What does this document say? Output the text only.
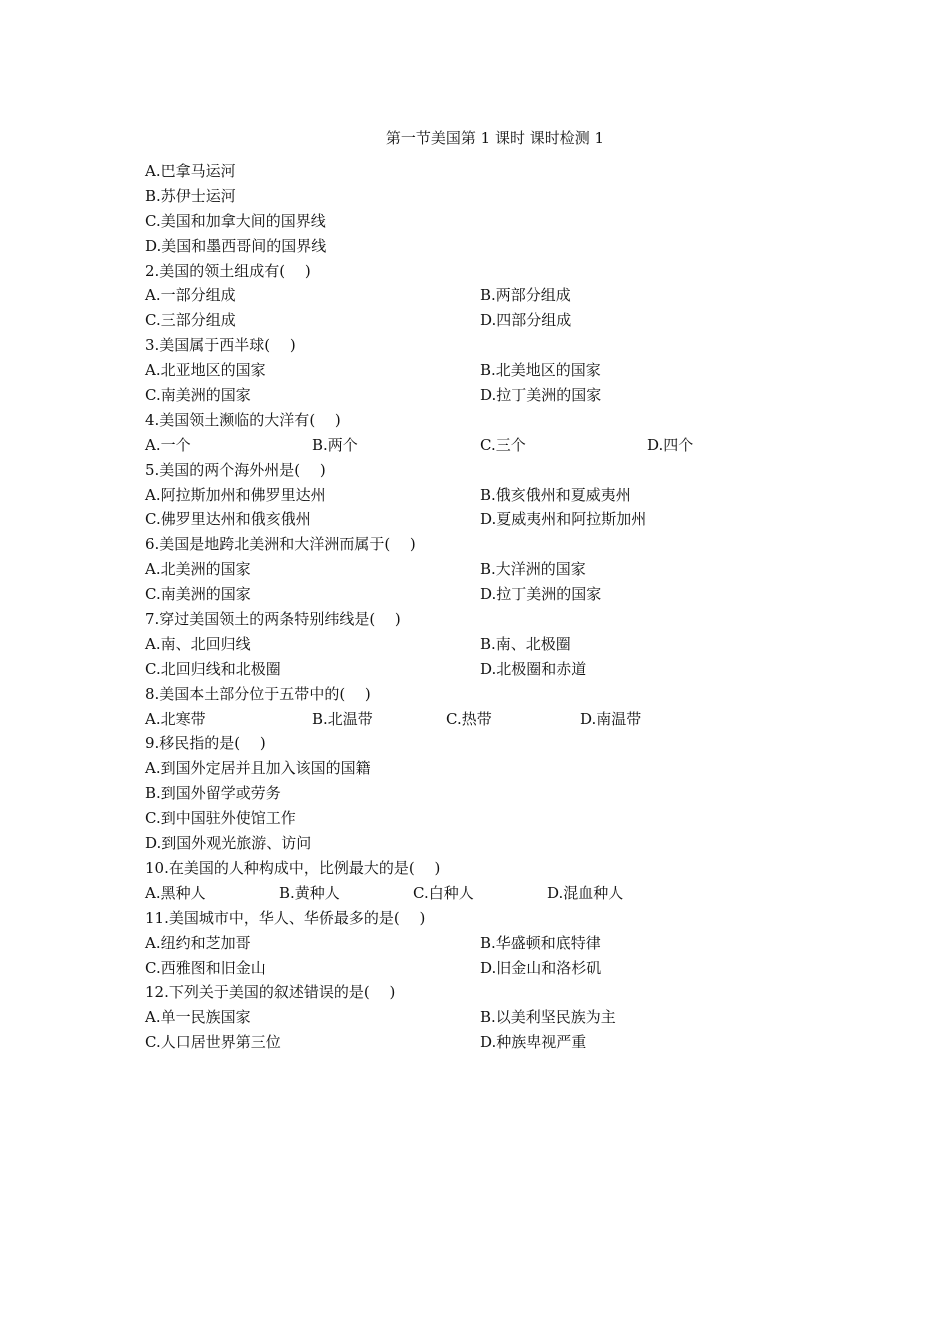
第一节美国第 1 课时 课时检测 1
A.巴拿马运河
B.苏伊士运河
C.美国和加拿大间的国界线
D.美国和墨西哥间的国界线
2.美国的领土组成有(　 )
A.一部分组成	B.两部分组成
C.三部分组成	D.四部分组成
3.美国属于西半球(　 )
A.北亚地区的国家	B.北美地区的国家
C.南美洲的国家	D.拉丁美洲的国家
4.美国领土濒临的大洋有(　 )
A.一个	B.两个	C.三个	D.四个
5.美国的两个海外州是(　 )
A.阿拉斯加州和佛罗里达州	B.俄亥俄州和夏威夷州
C.佛罗里达州和俄亥俄州	D.夏威夷州和阿拉斯加州
6.美国是地跨北美洲和大洋洲而属于(　 )
A.北美洲的国家	B.大洋洲的国家
C.南美洲的国家	D.拉丁美洲的国家
7.穿过美国领土的两条特别纬线是(　 )
A.南、北回归线	B.南、北极圈
C.北回归线和北极圈	D.北极圈和赤道
8.美国本土部分位于五带中的(　 )
A.北寒带	B.北温带	C.热带	D.南温带
9.移民指的是(　 )
A.到国外定居并且加入该国的国籍
B.到国外留学或劳务
C.到中国驻外使馆工作
D.到国外观光旅游、访问
10.在美国的人种构成中，比例最大的是(　 )
A.黑种人	B.黄种人	C.白种人	D.混血种人
11.美国城市中，华人、华侨最多的是(　 )
A.纽约和芝加哥	B.华盛顿和底特律
C.西雅图和旧金山	D.旧金山和洛杉矶
12.下列关于美国的叙述错误的是(　 )
A.单一民族国家	B.以美利坚民族为主
C.人口居世界第三位	D.种族卑视严重
